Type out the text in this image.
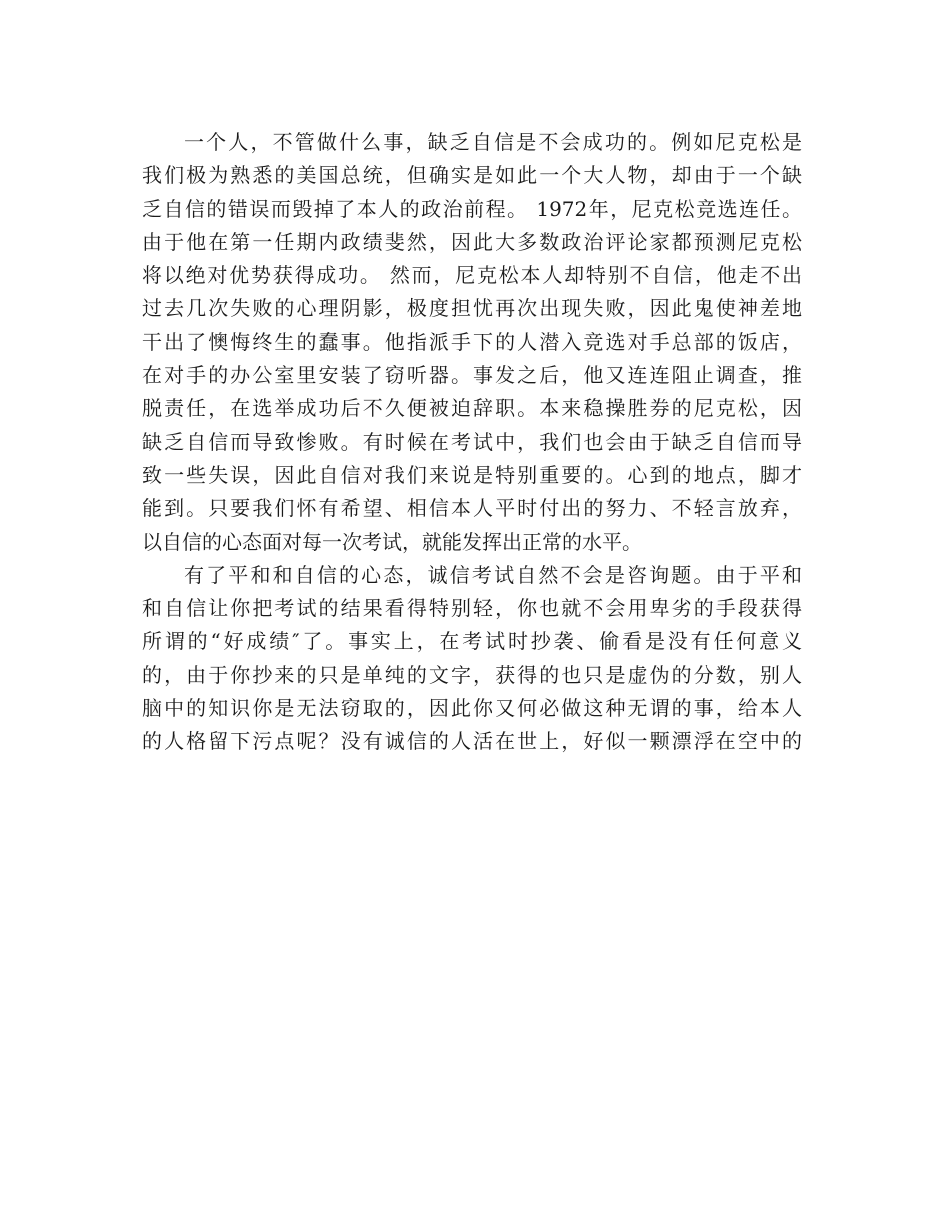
一个人，不管做什么事，缺乏自信是不会成功的。例如尼克松是
我们极为熟悉的美国总统，但确实是如此一个大人物，却由于一个缺
乏自信的错误而毁掉了本人的政治前程。 1972年，尼克松竞选连任。
由于他在第一任期内政绩斐然，因此大多数政治评论家都预测尼克松
将以绝对优势获得成功。 然而，尼克松本人却特别不自信，他走不出
过去几次失败的心理阴影，极度担忧再次出现失败，因此鬼使神差地
干出了懊悔终生的蠢事。他指派手下的人潜入竞选对手总部的饭店，
在对手的办公室里安装了窃听器。事发之后，他又连连阻止调查，推
脱责任，在选举成功后不久便被迫辞职。本来稳操胜券的尼克松，因
缺乏自信而导致惨败。有时候在考试中，我们也会由于缺乏自信而导
致一些失误，因此自信对我们来说是特别重要的。心到的地点，脚才
能到。只要我们怀有希望、相信本人平时付出的努力、不轻言放弃，
以自信的心态面对每一次考试，就能发挥出正常的水平。
有了平和和自信的心态，诚信考试自然不会是咨询题。由于平和
和自信让你把考试的结果看得特别轻，你也就不会用卑劣的手段获得
所谓的“好成绩″了。事实上，在考试时抄袭、偷看是没有任何意义
的，由于你抄来的只是单纯的文字，获得的也只是虚伪的分数，别人
脑中的知识你是无法窃取的，因此你又何必做这种无谓的事，给本人
的人格留下污点呢？没有诚信的人活在世上，好似一颗漂浮在空中的
